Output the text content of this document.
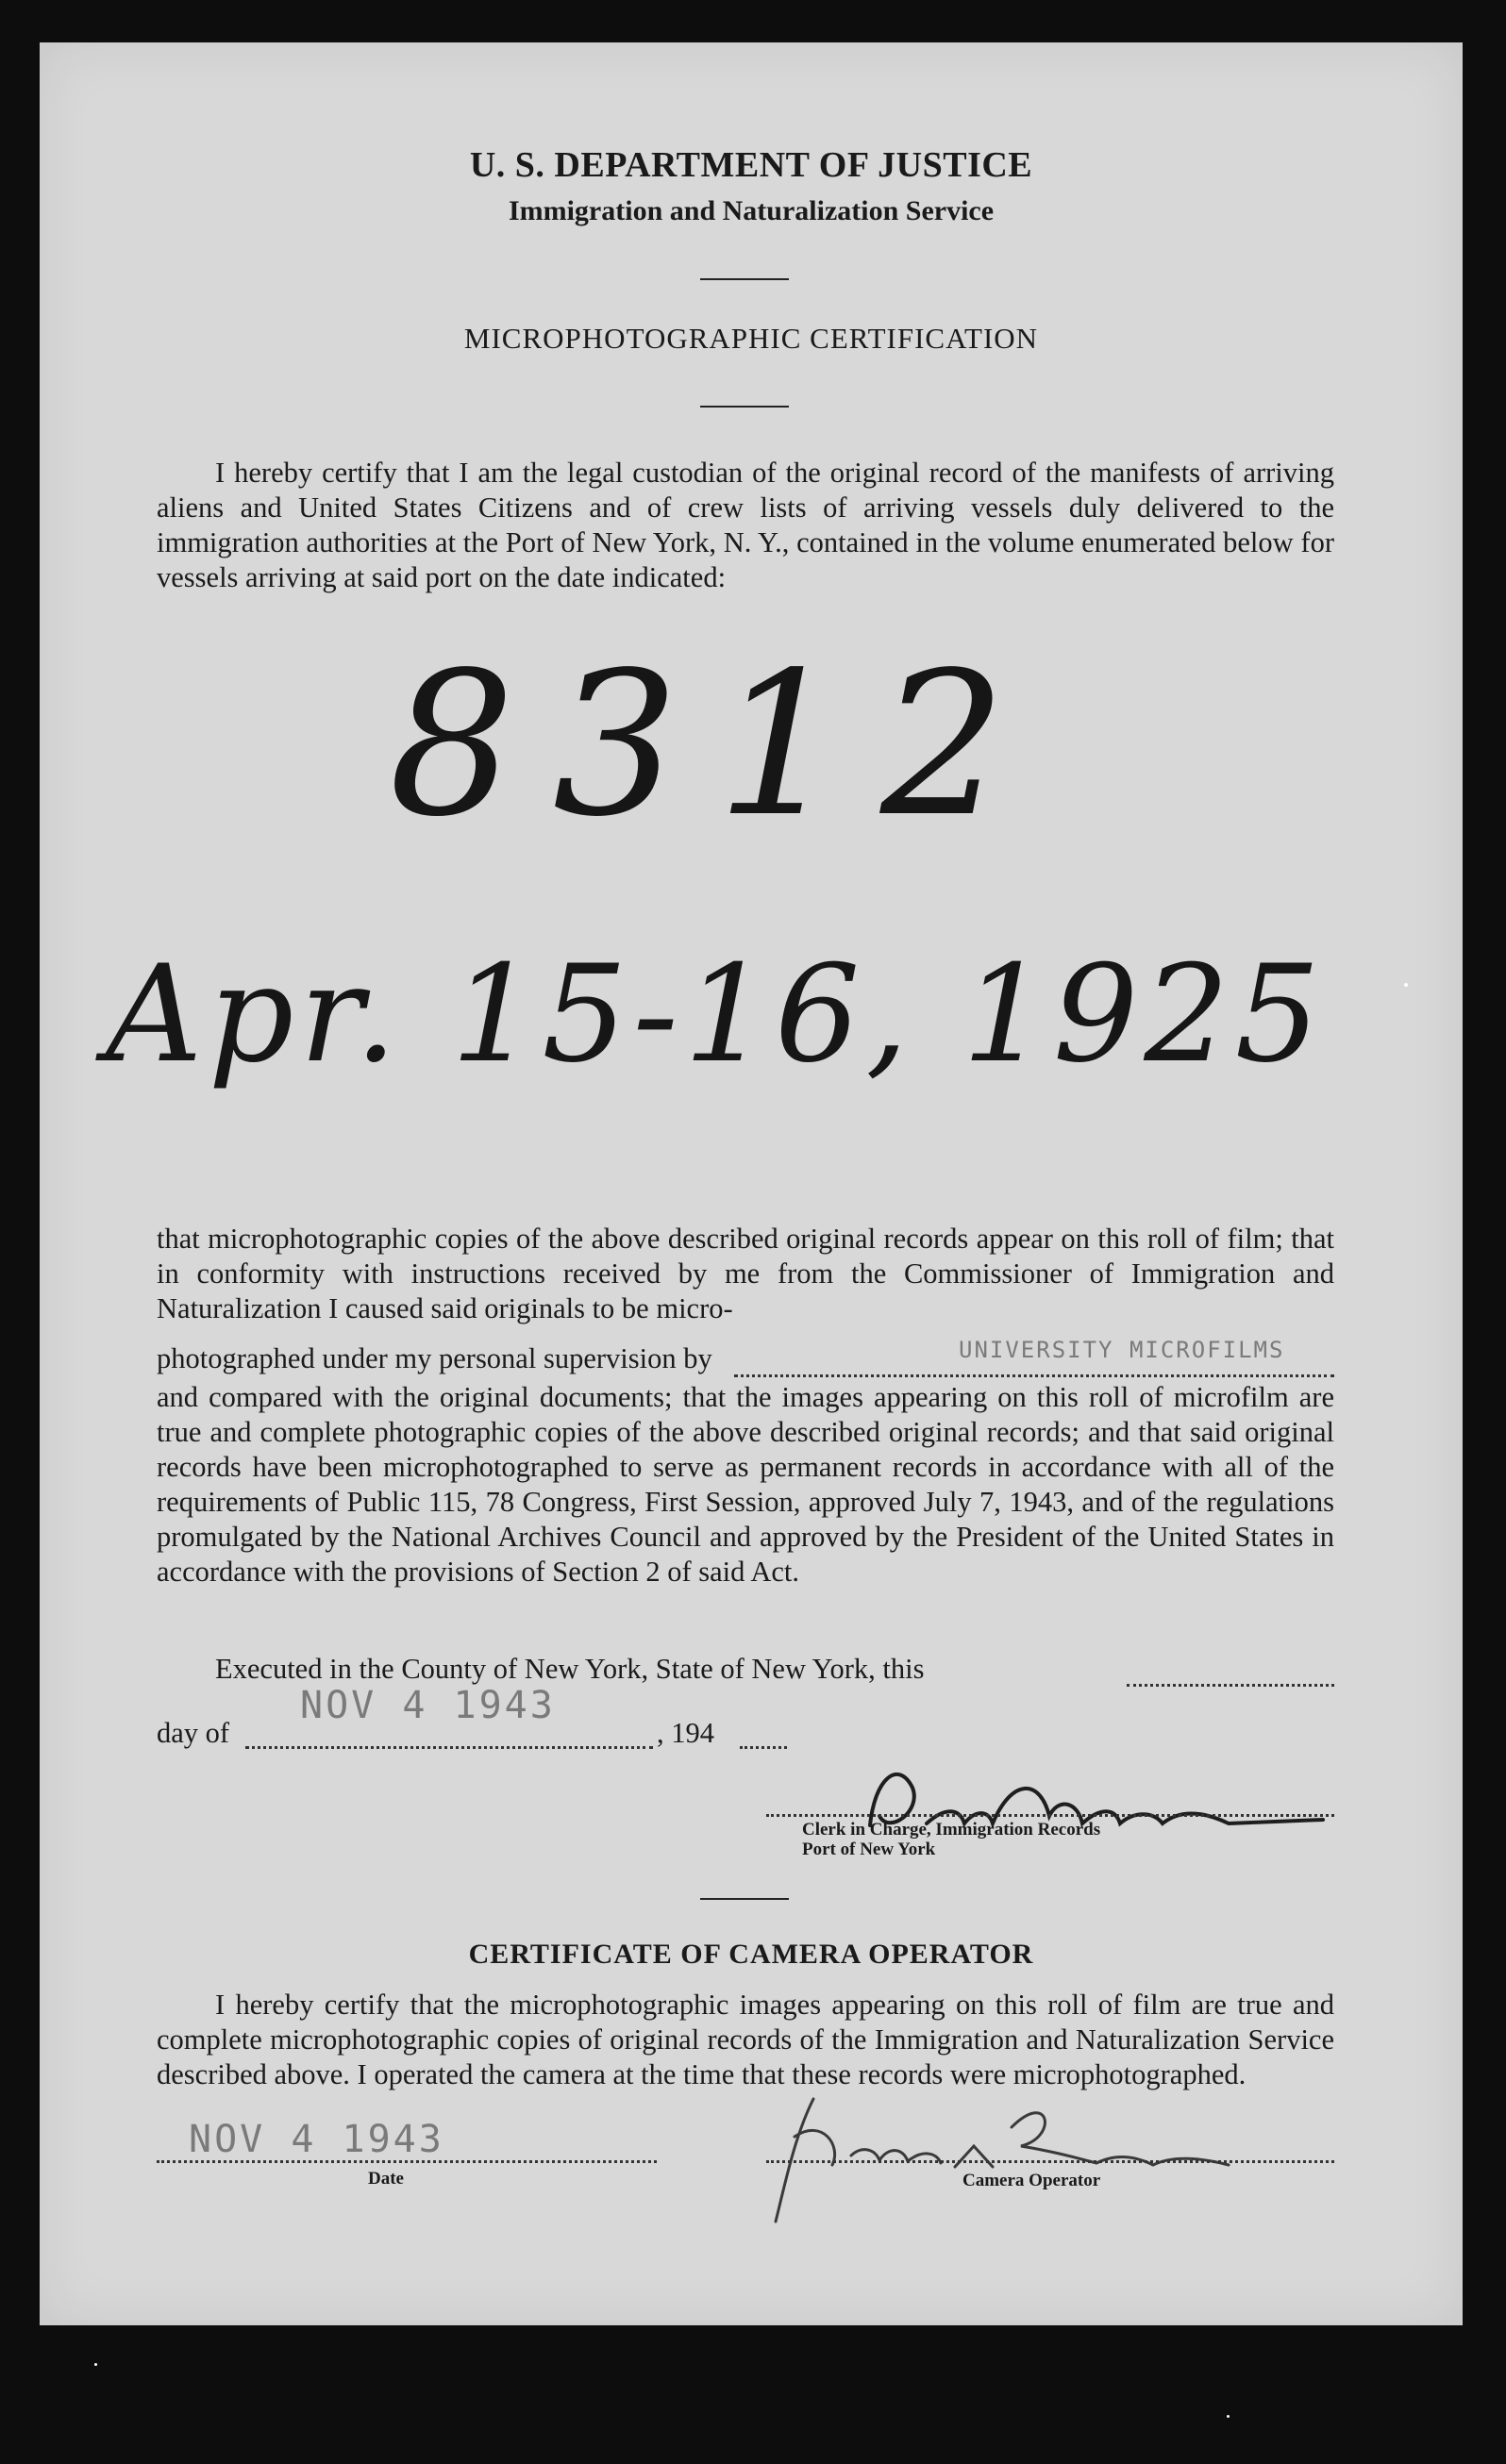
U. S. DEPARTMENT OF JUSTICE
Immigration and Naturalization Service
MICROPHOTOGRAPHIC CERTIFICATION
I hereby certify that I am the legal custodian of the original record of the manifests of arriving aliens and United States Citizens and of crew lists of arriving vessels duly delivered to the immigration authorities at the Port of New York, N. Y., contained in the volume enumerated below for vessels arriving at said port on the date indicated:
8312
Apr. 15-16, 1925
that microphotographic copies of the above described original records appear on this roll of film; that in conformity with instructions received by me from the Commissioner of Immigration and Naturalization I caused said originals to be micro-
photographed under my personal supervision by	UNIVERSITY MICROFILMS
and compared with the original documents; that the images appearing on this roll of microfilm are true and complete photographic copies of the above described original records; and that said original records have been microphotographed to serve as permanent records in accordance with all of the requirements of Public 115, 78 Congress, First Session, approved July 7, 1943, and of the regulations promulgated by the National Archives Council and approved by the President of the United States in accordance with the provisions of Section 2 of said Act.
Executed in the County of New York, State of New York, this
day of
NOV 4 1943
, 194
Clerk in Charge, Immigration Records
Port of New York
CERTIFICATE OF CAMERA OPERATOR
I hereby certify that the microphotographic images appearing on this roll of film are true and complete microphotographic copies of original records of the Immigration and Naturalization Service described above. I operated the camera at the time that these records were microphotographed.
NOV 4 1943
Date	Camera Operator
